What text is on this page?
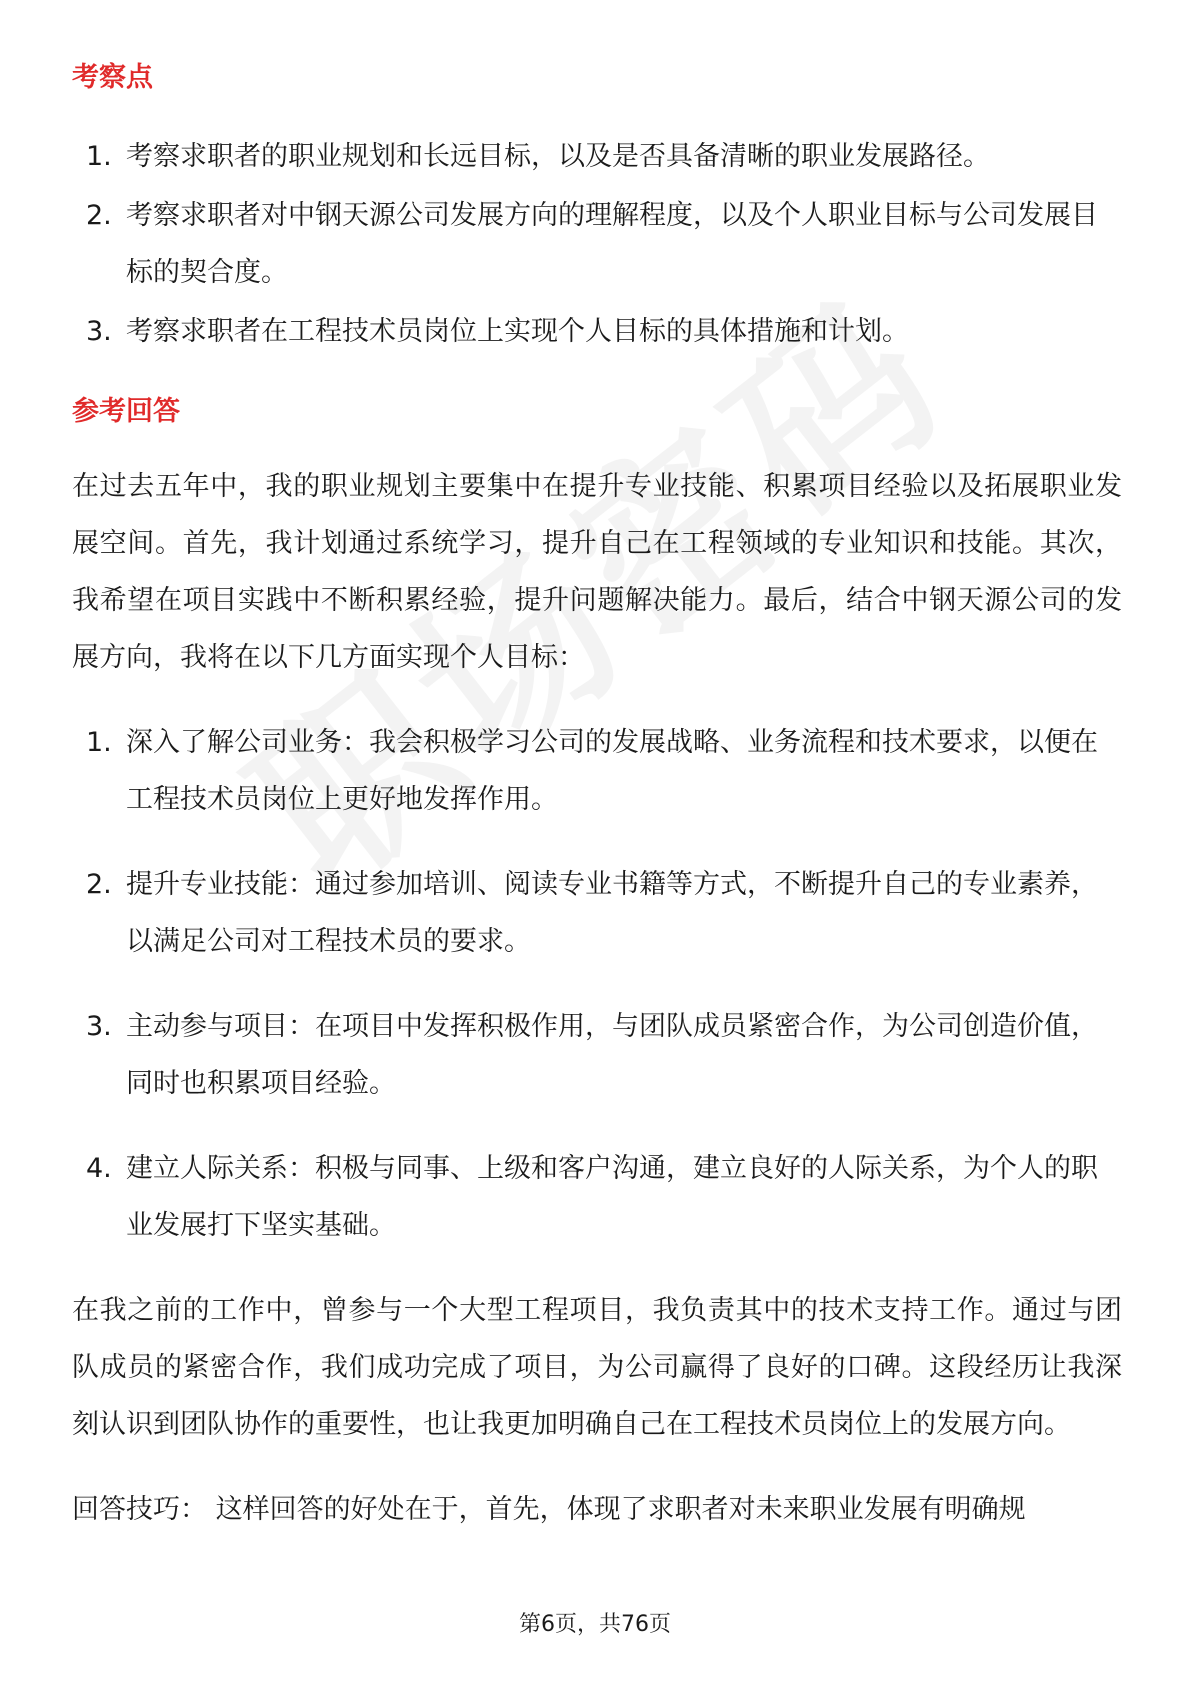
考察点
1. 考察求职者的职业规划和长远目标，以及是否具备清晰的职业发展路径。
2. 考察求职者对中钢天源公司发展方向的理解程度，以及个人职业目标与公司发展目标的契合度。
3. 考察求职者在工程技术员岗位上实现个人目标的具体措施和计划。
参考回答

在过去五年中，我的职业规划主要集中在提升专业技能、积累项目经验以及拓展职业发展空间。首先，我计划通过系统学习，提升自己在工程领域的专业知识和技能。其次，我希望在项目实践中不断积累经验，提升问题解决能力。最后，结合中钢天源公司的发展方向，我将在以下几方面实现个人目标：

1. 深入了解公司业务：我会积极学习公司的发展战略、业务流程和技术要求，以便在工程技术员岗位上更好地发挥作用。
2. 提升专业技能：通过参加培训、阅读专业书籍等方式，不断提升自己的专业素养，以满足公司对工程技术员的要求。
3. 主动参与项目：在项目中发挥积极作用，与团队成员紧密合作，为公司创造价值，同时也积累项目经验。
4. 建立人际关系：积极与同事、上级和客户沟通，建立良好的人际关系，为个人的职业发展打下坚实基础。

在我之前的工作中，曾参与一个大型工程项目，我负责其中的技术支持工作。通过与团队成员的紧密合作，我们成功完成了项目，为公司赢得了良好的口碑。这段经历让我深刻认识到团队协作的重要性，也让我更加明确自己在工程技术员岗位上的发展方向。

回答技巧： 这样回答的好处在于，首先，体现了求职者对未来职业发展有明确规

第6页，共76页
